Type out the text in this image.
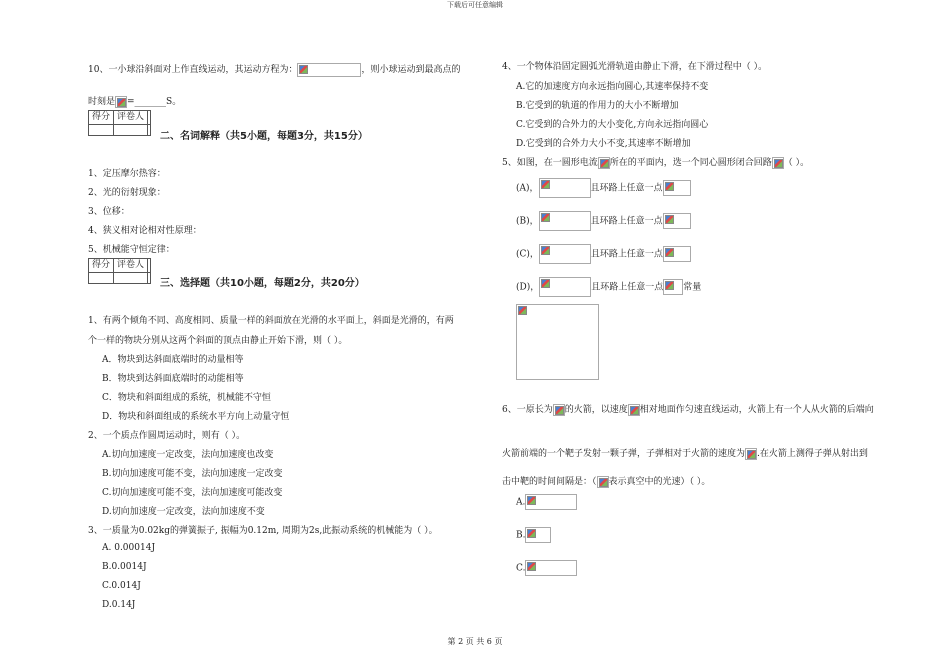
下载后可任意编辑
10、一小球沿斜面对上作直线运动，其运动方程为：	，则小球运动到最高点的
时刻是 =_______S。
得分 评卷人
二、名词解释（共5小题，每题3分，共15分）
1、定压摩尔热容：
2、光的衍射现象：
3、位移：
4、狭义相对论相对性原理：
5、机械能守恒定律：
得分 评卷人
三、选择题（共10小题，每题2分，共20分）
1、有两个倾角不同、高度相同、质量一样的斜面放在光滑的水平面上，斜面是光滑的，有两
个一样的物块分别从这两个斜面的顶点由静止开始下滑，则（ ）。
A．物块到达斜面底端时的动量相等
B．物块到达斜面底端时的动能相等
C．物块和斜面组成的系统，机械能不守恒
D．物块和斜面组成的系统水平方向上动量守恒
2、一个质点作圆周运动时，则有（ ）。
A.切向加速度一定改变，法向加速度也改变
B.切向加速度可能不变，法向加速度一定改变
C.切向加速度可能不变，法向加速度可能改变
D.切向加速度一定改变，法向加速度不变
3、一质量为0.02kg的弹簧振子, 振幅为0.12m, 周期为2s,此振动系统的机械能为（ ）。
A. 0.00014J
B.0.0014J
C.0.014J
D.0.14J
4、一个物体沿固定圆弧光滑轨道由静止下滑，在下滑过程中（ ）。
A.它的加速度方向永远指向圆心,其速率保持不变
B.它受到的轨道的作用力的大小不断增加
C.它受到的合外力的大小变化,方向永远指向圆心
D.它受到的合外力大小不变,其速率不断增加
5、如图，在一圆形电流 所在的平面内，选一个同心圆形闭合回路 （ ）。
(A)，	且环路上任意一点
(B)，	且环路上任意一点
(C)，	且环路上任意一点
(D)，	且环路上任意一点 常量
6、一原长为 的火箭，以速度 相对地面作匀速直线运动，火箭上有一个人从火箭的后端向
火箭前端的一个靶子发射一颗子弹，子弹相对于火箭的速度为 .在火箭上测得子弹从射出到
击中靶的时间间隔是：（ 表示真空中的光速）（ ）。
A.
B.
C.
第 2 页 共 6 页
